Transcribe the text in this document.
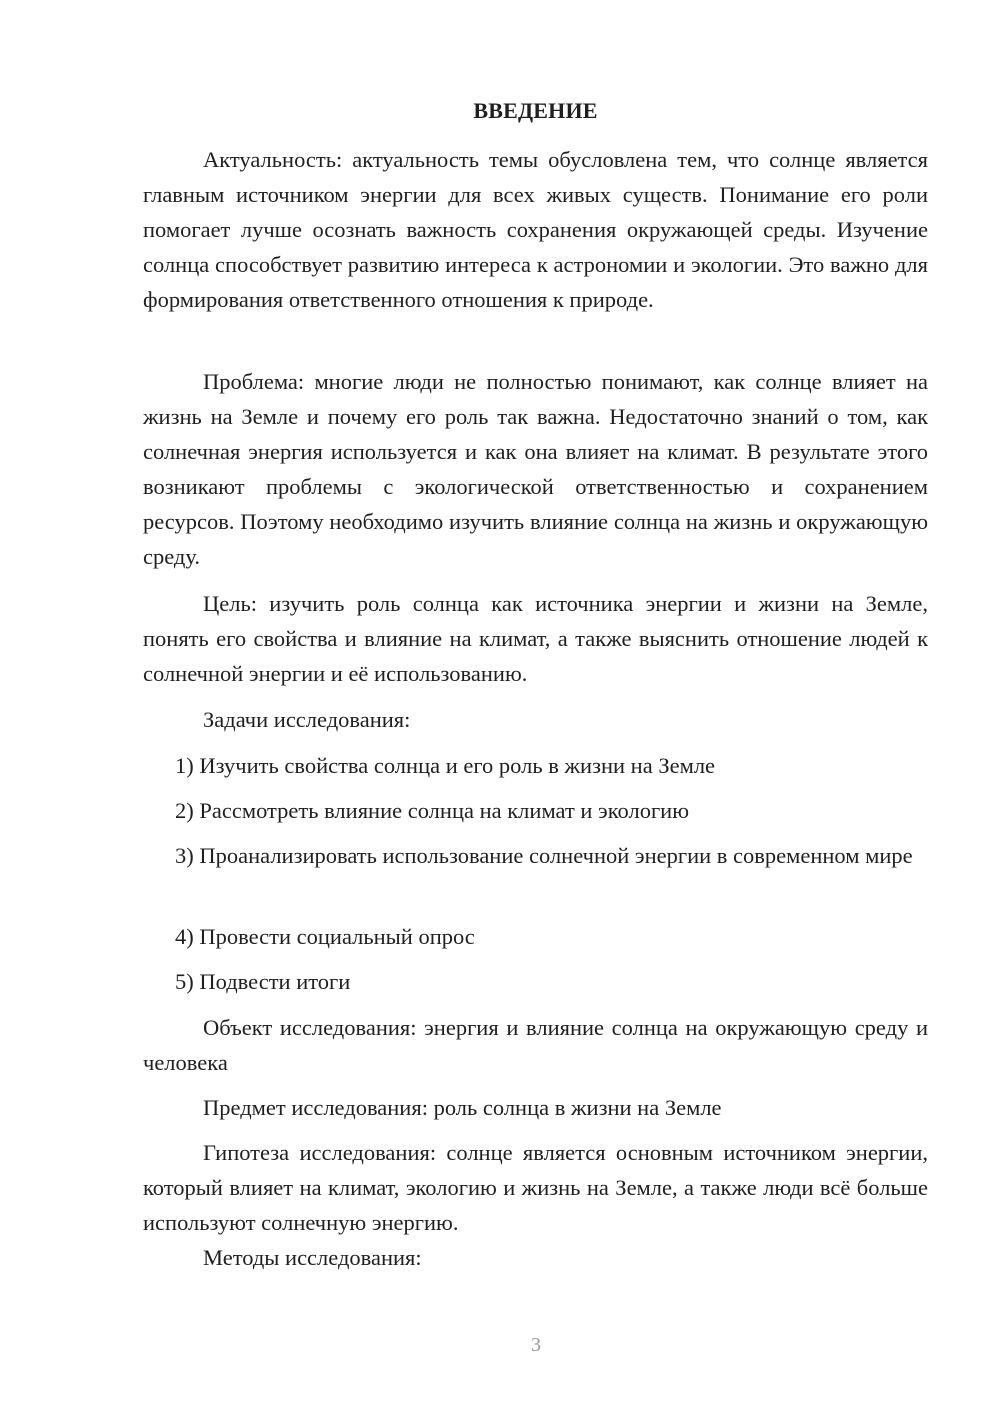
ВВЕДЕНИЕ

Актуальность: актуальность темы обусловлена тем, что солнце является главным источником энергии для всех живых существ. Понимание его роли помогает лучше осознать важность сохранения окружающей среды. Изучение солнца способствует развитию интереса к астрономии и экологии. Это важно для формирования ответственного отношения к природе.

Проблема: многие люди не полностью понимают, как солнце влияет на жизнь на Земле и почему его роль так важна. Недостаточно знаний о том, как солнечная энергия используется и как она влияет на климат. В результате этого возникают проблемы с экологической ответственностью и сохранением ресурсов. Поэтому необходимо изучить влияние солнца на жизнь и окружающую среду.

Цель: изучить роль солнца как источника энергии и жизни на Земле, понять его свойства и влияние на климат, а также выяснить отношение людей к солнечной энергии и её использованию.

Задачи исследования:

1) Изучить свойства солнца и его роль в жизни на Земле

2) Рассмотреть влияние солнца на климат и экологию

3) Проанализировать использование солнечной энергии в современном мире

4) Провести социальный опрос

5) Подвести итоги

Объект исследования: энергия и влияние солнца на окружающую среду и человека

Предмет исследования: роль солнца в жизни на Земле

Гипотеза исследования: солнце является основным источником энергии, который влияет на климат, экологию и жизнь на Земле, а также люди всё больше используют солнечную энергию.

Методы исследования:

3
